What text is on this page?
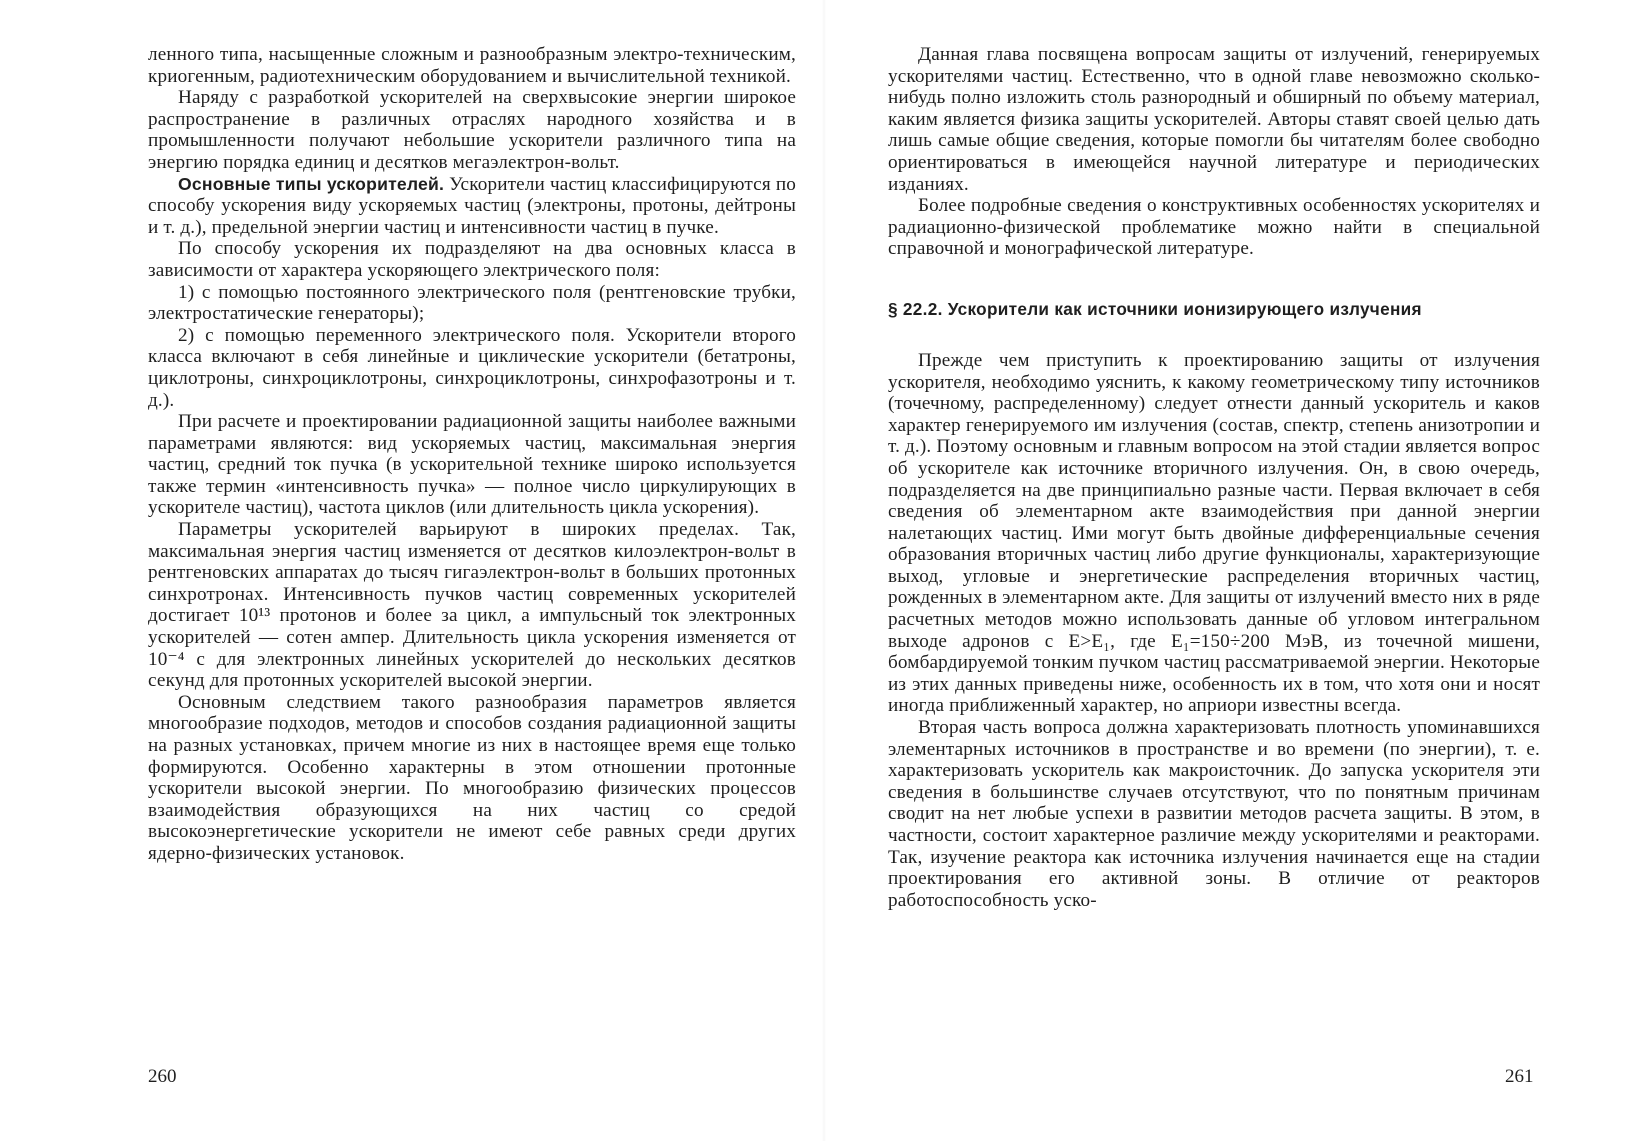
ленного типа, насыщенные сложным и разнообразным электро-техническим, криогенным, радиотехническим оборудованием и вычислительной техникой.

Наряду с разработкой ускорителей на сверхвысокие энергии широкое распространение в различных отраслях народного хозяйства и в промышленности получают небольшие ускорители различного типа на энергию порядка единиц и десятков мегаэлектрон-вольт.

Основные типы ускорителей. Ускорители частиц классифицируются по способу ускорения виду ускоряемых частиц (электроны, протоны, дейтроны и т. д.), предельной энергии частиц и интенсивности частиц в пучке.

По способу ускорения их подразделяют на два основных класса в зависимости от характера ускоряющего электрического поля:

1) с помощью постоянного электрического поля (рентгеновские трубки, электростатические генераторы);

2) с помощью переменного электрического поля. Ускорители второго класса включают в себя линейные и циклические ускорители (бетатроны, циклотроны, синхроциклотроны, синхроциклотроны, синхрофазотроны и т. д.).

При расчете и проектировании радиационной защиты наиболее важными параметрами являются: вид ускоряемых частиц, максимальная энергия частиц, средний ток пучка (в ускорительной технике широко используется также термин «интенсивность пучка» — полное число циркулирующих в ускорителе частиц), частота циклов (или длительность цикла ускорения).

Параметры ускорителей варьируют в широких пределах. Так, максимальная энергия частиц изменяется от десятков килоэлектрон-вольт в рентгеновских аппаратах до тысяч гигаэлектрон-вольт в больших протонных синхротронах. Интенсивность пучков частиц современных ускорителей достигает 10¹³ протонов и более за цикл, а импульсный ток электронных ускорителей — сотен ампер. Длительность цикла ускорения изменяется от 10⁻⁴ с для электронных линейных ускорителей до нескольких десятков секунд для протонных ускорителей высокой энергии.

Основным следствием такого разнообразия параметров является многообразие подходов, методов и способов создания радиационной защиты на разных установках, причем многие из них в настоящее время еще только формируются. Особенно характерны в этом отношении протонные ускорители высокой энергии. По многообразию физических процессов взаимодействия образующихся на них частиц со средой высокоэнергетические ускорители не имеют себе равных среди других ядерно-физических установок.

260

Данная глава посвящена вопросам защиты от излучений, генерируемых ускорителями частиц. Естественно, что в одной главе невозможно сколько-нибудь полно изложить столь разнородный и обширный по объему материал, каким является физика защиты ускорителей. Авторы ставят своей целью дать лишь самые общие сведения, которые помогли бы читателям более свободно ориентироваться в имеющейся научной литературе и периодических изданиях.

Более подробные сведения о конструктивных особенностях ускорителях и радиационно-физической проблематике можно найти в специальной справочной и монографической литературе.

§ 22.2. Ускорители как источники ионизирующего излучения

Прежде чем приступить к проектированию защиты от излучения ускорителя, необходимо уяснить, к какому геометрическому типу источников (точечному, распределенному) следует отнести данный ускоритель и каков характер генерируемого им излучения (состав, спектр, степень анизотропии и т. д.). Поэтому основным и главным вопросом на этой стадии является вопрос об ускорителе как источнике вторичного излучения. Он, в свою очередь, подразделяется на две принципиально разные части. Первая включает в себя сведения об элементарном акте взаимодействия при данной энергии налетающих частиц. Ими могут быть двойные дифференциальные сечения образования вторичных частиц либо другие функционалы, характеризующие выход, угловые и энергетические распределения вторичных частиц, рожденных в элементарном акте. Для защиты от излучений вместо них в ряде расчетных методов можно использовать данные об угловом интегральном выходе адронов с E>E₁, где E₁=150÷200 МэВ, из точечной мишени, бомбардируемой тонким пучком частиц рассматриваемой энергии. Некоторые из этих данных приведены ниже, особенность их в том, что хотя они и носят иногда приближенный характер, но априори известны всегда.

Вторая часть вопроса должна характеризовать плотность упоминавшихся элементарных источников в пространстве и во времени (по энергии), т. е. характеризовать ускоритель как макроисточник. До запуска ускорителя эти сведения в большинстве случаев отсутствуют, что по понятным причинам сводит на нет любые успехи в развитии методов расчета защиты. В этом, в частности, состоит характерное различие между ускорителями и реакторами. Так, изучение реактора как источника излучения начинается еще на стадии проектирования его активной зоны. В отличие от реакторов работоспособность уско-

261
